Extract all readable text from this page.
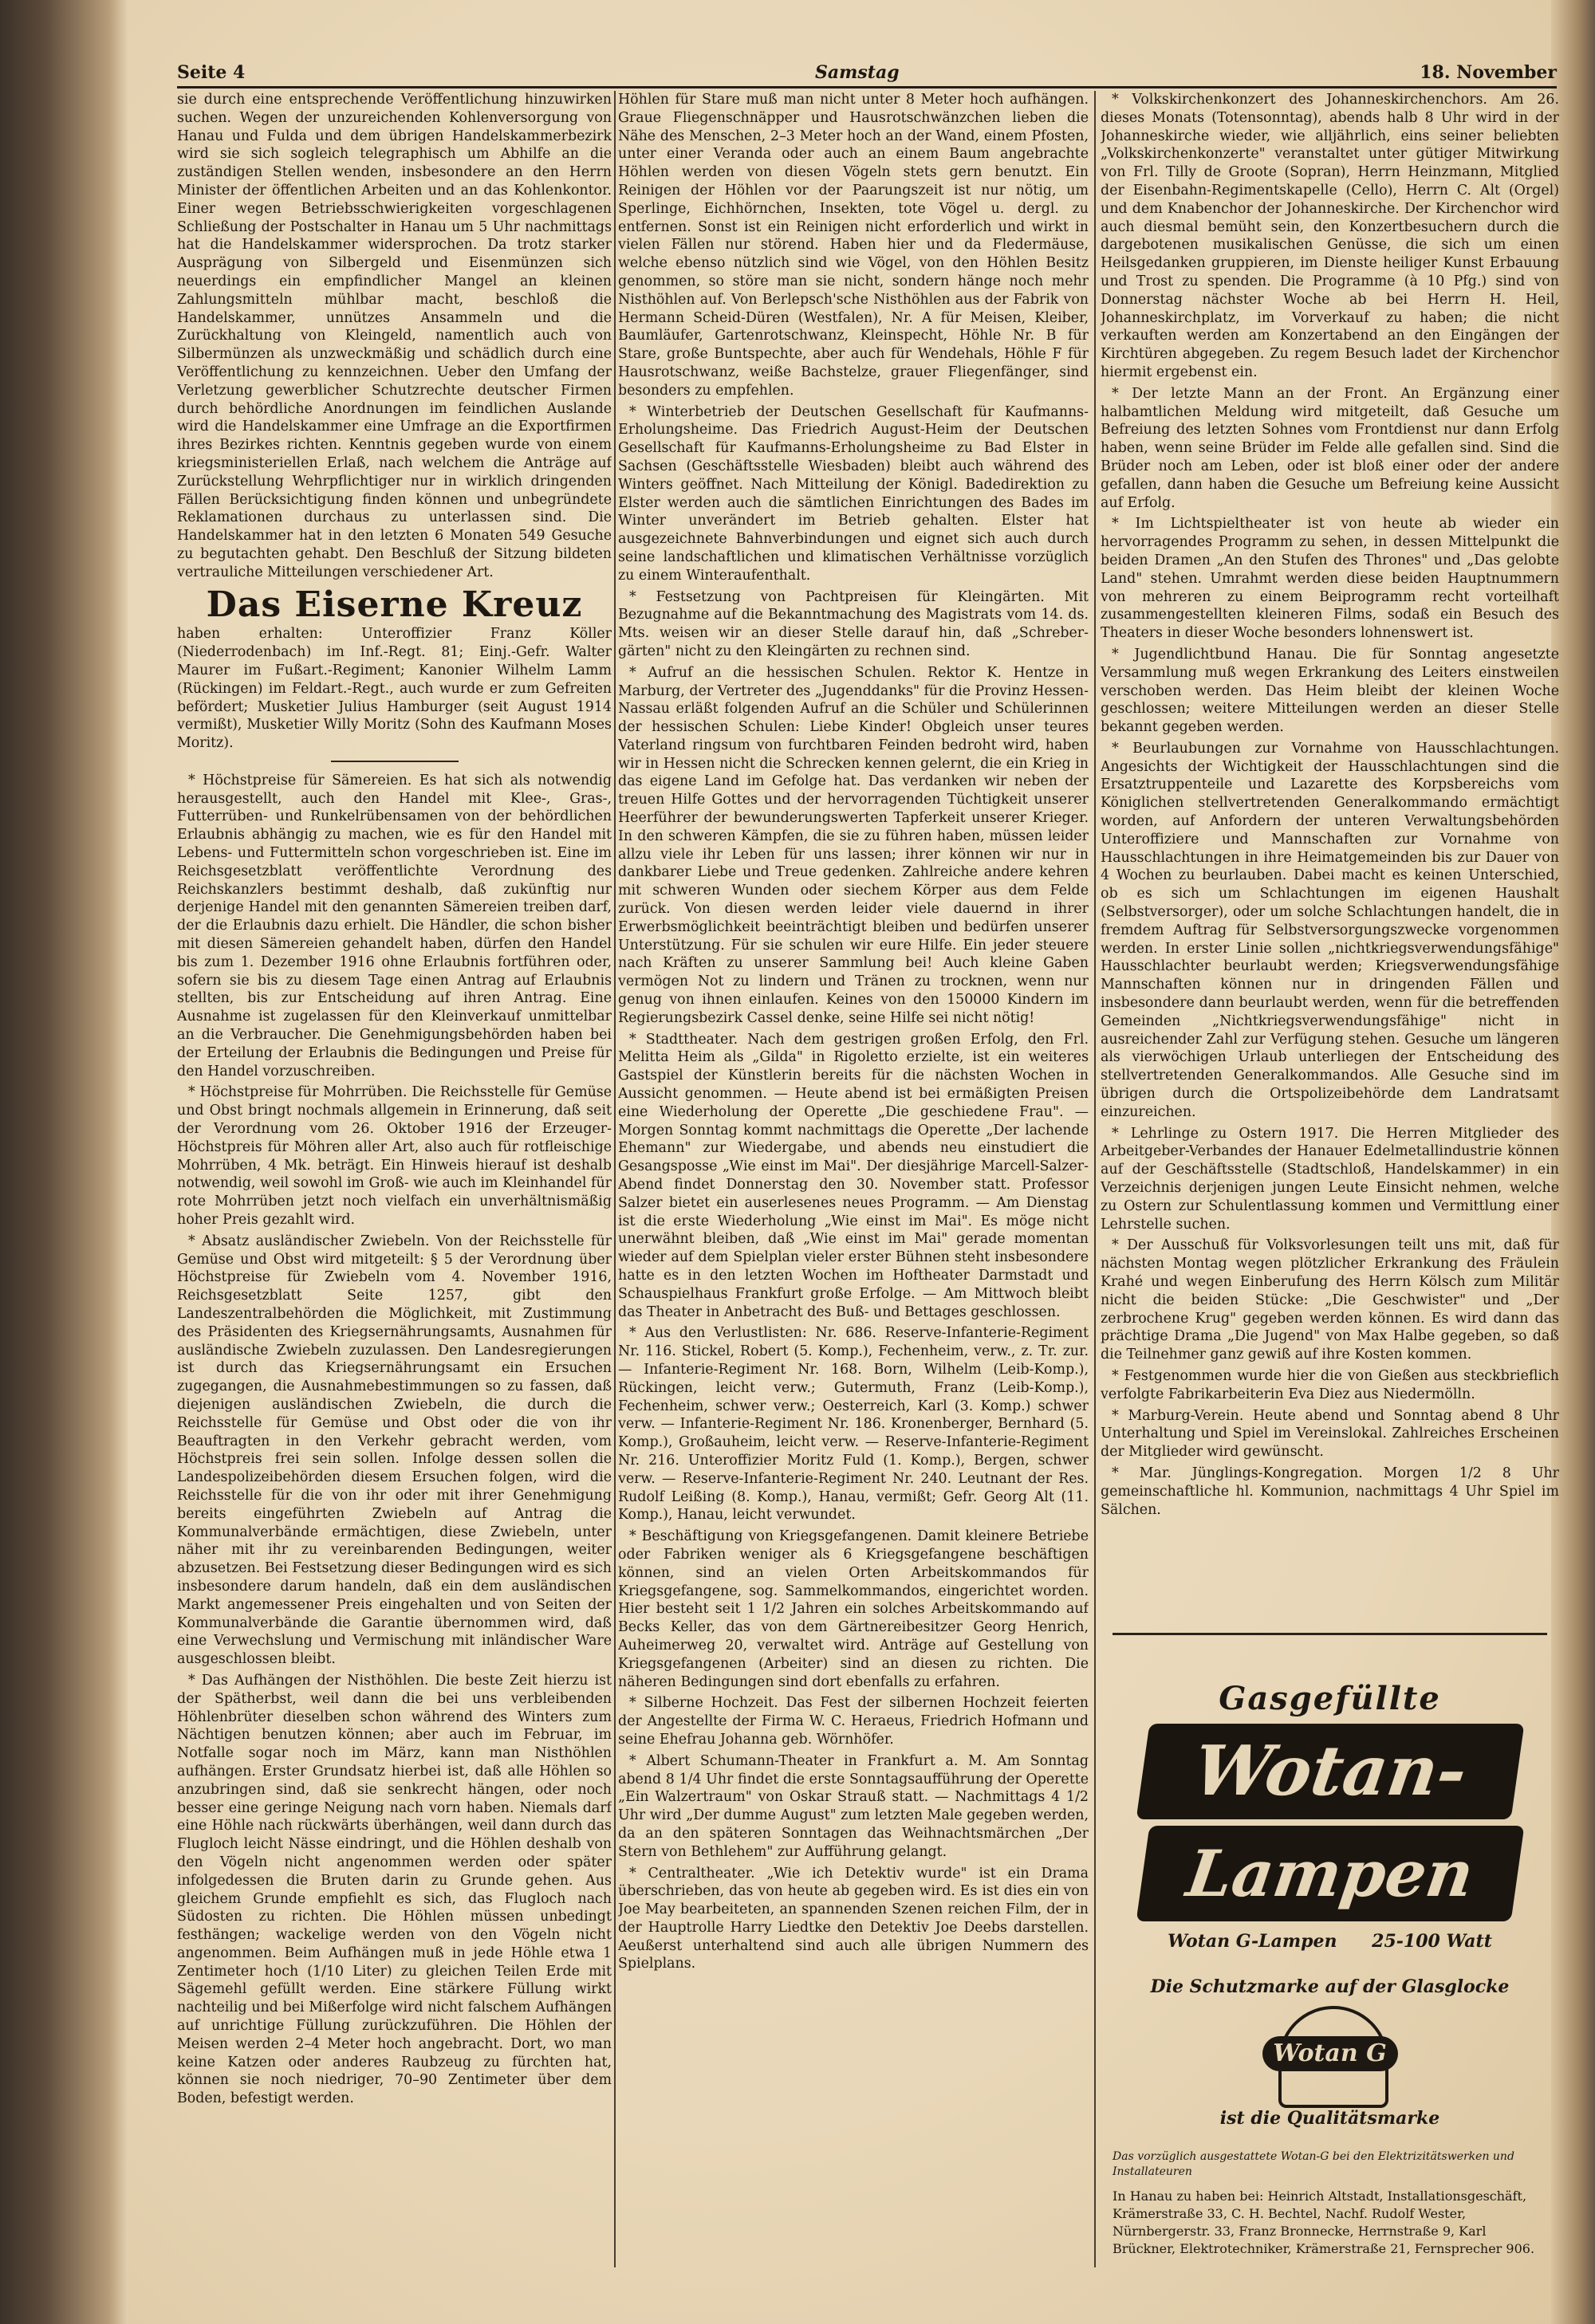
Seite 4	Samstag	18. November

sie durch eine entsprechende Veröffentlichung hinzuwirken suchen. Wegen der unzureichenden Kohlenversorgung von Hanau und Fulda und dem übrigen Handelskammerbezirk wird sie sich sogleich telegraphisch um Abhilfe an die zuständigen Stellen wenden, insbesondere an den Herrn Minister der öffentlichen Arbeiten und an das Kohlenkontor. Einer wegen Betriebsschwierigkeiten vorgeschlagenen Schließung der Postschalter in Hanau um 5 Uhr nachmittags hat die Handelskammer widersprochen. Da trotz starker Ausprägung von Silbergeld und Eisenmünzen sich neuerdings ein empfindlicher Mangel an kleinen Zahlungsmitteln mühlbar macht, beschloß die Handelskammer, unnützes Ansammeln und die Zurückhaltung von Kleingeld, namentlich auch von Silbermünzen als unzweckmäßig und schädlich durch eine Veröffentlichung zu kennzeichnen. Ueber den Umfang der Verletzung gewerblicher Schutzrechte deutscher Firmen durch behördliche Anordnungen im feindlichen Auslande wird die Handelskammer eine Umfrage an die Exportfirmen ihres Bezirkes richten. Kenntnis gegeben wurde von einem kriegsministeriellen Erlaß, nach welchem die Anträge auf Zurückstellung Wehrpflichtiger nur in wirklich dringenden Fällen Berücksichtigung finden können und unbegründete Reklamationen durchaus zu unterlassen sind. Die Handelskammer hat in den letzten 6 Monaten 549 Gesuche zu begutachten gehabt. Den Beschluß der Sitzung bildeten vertrauliche Mitteilungen verschiedener Art.

Das Eiserne Kreuz

haben erhalten: Unteroffizier Franz Köller (Niederrodenbach) im Inf.-Regt. 81; Einj.-Gefr. Walter Maurer im Fußart.-Regiment; Kanonier Wilhelm Lamm (Rückingen) im Feldart.-Regt., auch wurde er zum Gefreiten befördert; Musketier Julius Hamburger (seit August 1914 vermißt), Musketier Willy Moritz (Sohn des Kaufmann Moses Moritz).

* Höchstpreise für Sämereien. Es hat sich als notwendig herausgestellt, auch den Handel mit Klee-, Gras-, Futterrüben- und Runkelrübensamen von der behördlichen Erlaubnis abhängig zu machen, wie es für den Handel mit Lebens- und Futtermitteln schon vorgeschrieben ist. Eine im Reichsgesetzblatt veröffentlichte Verordnung des Reichskanzlers bestimmt deshalb, daß zukünftig nur derjenige Handel mit den genannten Sämereien treiben darf, der die Erlaubnis dazu erhielt. Die Händler, die schon bisher mit diesen Sämereien gehandelt haben, dürfen den Handel bis zum 1. Dezember 1916 ohne Erlaubnis fortführen oder, sofern sie bis zu diesem Tage einen Antrag auf Erlaubnis stellten, bis zur Entscheidung auf ihren Antrag. Eine Ausnahme ist zugelassen für den Kleinverkauf unmittelbar an die Verbraucher. Die Genehmigungsbehörden haben bei der Erteilung der Erlaubnis die Bedingungen und Preise für den Handel vorzuschreiben.

* Höchstpreise für Mohrrüben. Die Reichsstelle für Gemüse und Obst bringt nochmals allgemein in Erinnerung, daß seit der Verordnung vom 26. Oktober 1916 der Erzeuger-Höchstpreis für Möhren aller Art, also auch für rotfleischige Mohrrüben, 4 Mk. beträgt. Ein Hinweis hierauf ist deshalb notwendig, weil sowohl im Groß- wie auch im Kleinhandel für rote Mohrrüben jetzt noch vielfach ein unverhältnismäßig hoher Preis gezahlt wird.

* Absatz ausländischer Zwiebeln. Von der Reichsstelle für Gemüse und Obst wird mitgeteilt: § 5 der Verordnung über Höchstpreise für Zwiebeln vom 4. November 1916, Reichsgesetzblatt Seite 1257, gibt den Landeszentralbehörden die Möglichkeit, mit Zustimmung des Präsidenten des Kriegsernährungsamts, Ausnahmen für ausländische Zwiebeln zuzulassen. Den Landesregierungen ist durch das Kriegsernährungsamt ein Ersuchen zugegangen, die Ausnahmebestimmungen so zu fassen, daß diejenigen ausländischen Zwiebeln, die durch die Reichsstelle für Gemüse und Obst oder die von ihr Beauftragten in den Verkehr gebracht werden, vom Höchstpreis frei sein sollen. Infolge dessen sollen die Landespolizeibehörden diesem Ersuchen folgen, wird die Reichsstelle für die von ihr oder mit ihrer Genehmigung bereits eingeführten Zwiebeln auf Antrag die Kommunalverbände ermächtigen, diese Zwiebeln, unter näher mit ihr zu vereinbarenden Bedingungen, weiter abzusetzen. Bei Festsetzung dieser Bedingungen wird es sich insbesondere darum handeln, daß ein dem ausländischen Markt angemessener Preis eingehalten und von Seiten der Kommunalverbände die Garantie übernommen wird, daß eine Verwechslung und Vermischung mit inländischer Ware ausgeschlossen bleibt.

* Das Aufhängen der Nisthöhlen. Die beste Zeit hierzu ist der Spätherbst, weil dann die bei uns verbleibenden Höhlenbrüter dieselben schon während des Winters zum Nächtigen benutzen können; aber auch im Februar, im Notfalle sogar noch im März, kann man Nisthöhlen aufhängen. Erster Grundsatz hierbei ist, daß alle Höhlen so anzubringen sind, daß sie senkrecht hängen, oder noch besser eine geringe Neigung nach vorn haben. Niemals darf eine Höhle nach rückwärts überhängen, weil dann durch das Flugloch leicht Nässe eindringt, und die Höhlen deshalb von den Vögeln nicht angenommen werden oder später infolgedessen die Bruten darin zu Grunde gehen. Aus gleichem Grunde empfiehlt es sich, das Flugloch nach Südosten zu richten. Die Höhlen müssen unbedingt festhängen; wackelige werden von den Vögeln nicht angenommen. Beim Aufhängen muß in jede Höhle etwa 1 Zentimeter hoch (1/10 Liter) zu gleichen Teilen Erde mit Sägemehl gefüllt werden. Eine stärkere Füllung wirkt nachteilig und bei Mißerfolge wird nicht falschem Aufhängen auf unrichtige Füllung zurückzuführen. Die Höhlen der Meisen werden 2–4 Meter hoch angebracht. Dort, wo man keine Katzen oder anderes Raubzeug zu fürchten hat, können sie noch niedriger, 70–90 Zentimeter über dem Boden, befestigt werden.

Höhlen für Stare muß man nicht unter 8 Meter hoch aufhängen. Graue Fliegenschnäpper und Hausrotschwänzchen lieben die Nähe des Menschen, 2–3 Meter hoch an der Wand, einem Pfosten, unter einer Veranda oder auch an einem Baum angebrachte Höhlen werden von diesen Vögeln stets gern benutzt. Ein Reinigen der Höhlen vor der Paarungszeit ist nur nötig, um Sperlinge, Eichhörnchen, Insekten, tote Vögel u. dergl. zu entfernen. Sonst ist ein Reinigen nicht erforderlich und wirkt in vielen Fällen nur störend. Haben hier und da Fledermäuse, welche ebenso nützlich sind wie Vögel, von den Höhlen Besitz genommen, so störe man sie nicht, sondern hänge noch mehr Nisthöhlen auf. Von Berlepsch'sche Nisthöhlen aus der Fabrik von Hermann Scheid-Düren (Westfalen), Nr. A für Meisen, Kleiber, Baumläufer, Gartenrotschwanz, Kleinspecht, Höhle Nr. B für Stare, große Buntspechte, aber auch für Wendehals, Höhle F für Hausrotschwanz, weiße Bachstelze, grauer Fliegenfänger, sind besonders zu empfehlen.

* Winterbetrieb der Deutschen Gesellschaft für Kaufmanns-Erholungsheime. Das Friedrich August-Heim der Deutschen Gesellschaft für Kaufmanns-Erholungsheime zu Bad Elster in Sachsen (Geschäftsstelle Wiesbaden) bleibt auch während des Winters geöffnet. Nach Mitteilung der Königl. Badedirektion zu Elster werden auch die sämtlichen Einrichtungen des Bades im Winter unverändert im Betrieb gehalten. Elster hat ausgezeichnete Bahnverbindungen und eignet sich auch durch seine landschaftlichen und klimatischen Verhältnisse vorzüglich zu einem Winteraufenthalt.

* Festsetzung von Pachtpreisen für Kleingärten. Mit Bezugnahme auf die Bekanntmachung des Magistrats vom 14. ds. Mts. weisen wir an dieser Stelle darauf hin, daß „Schreber-gärten" nicht zu den Kleingärten zu rechnen sind.

* Aufruf an die hessischen Schulen. Rektor K. Hentze in Marburg, der Vertreter des „Jugenddanks" für die Provinz Hessen-Nassau erläßt folgenden Aufruf an die Schüler und Schülerinnen der hessischen Schulen: Liebe Kinder! Obgleich unser teures Vaterland ringsum von furchtbaren Feinden bedroht wird, haben wir in Hessen nicht die Schrecken kennen gelernt, die ein Krieg in das eigene Land im Gefolge hat. Das verdanken wir neben der treuen Hilfe Gottes und der hervorragenden Tüchtigkeit unserer Heerführer der bewunderungswerten Tapferkeit unserer Krieger. In den schweren Kämpfen, die sie zu führen haben, müssen leider allzu viele ihr Leben für uns lassen; ihrer können wir nur in dankbarer Liebe und Treue gedenken. Zahlreiche andere kehren mit schweren Wunden oder siechem Körper aus dem Felde zurück. Von diesen werden leider viele dauernd in ihrer Erwerbsmöglichkeit beeinträchtigt bleiben und bedürfen unserer Unterstützung. Für sie schulen wir eure Hilfe. Ein jeder steuere nach Kräften zu unserer Sammlung bei! Auch kleine Gaben vermögen Not zu lindern und Tränen zu trocknen, wenn nur genug von ihnen einlaufen. Keines von den 150000 Kindern im Regierungsbezirk Cassel denke, seine Hilfe sei nicht nötig!

* Stadttheater. Nach dem gestrigen großen Erfolg, den Frl. Melitta Heim als „Gilda" in Rigoletto erzielte, ist ein weiteres Gastspiel der Künstlerin bereits für die nächsten Wochen in Aussicht genommen. — Heute abend ist bei ermäßigten Preisen eine Wiederholung der Operette „Die geschiedene Frau". — Morgen Sonntag kommt nachmittags die Operette „Der lachende Ehemann" zur Wiedergabe, und abends neu einstudiert die Gesangsposse „Wie einst im Mai". Der diesjährige Marcell-Salzer-Abend findet Donnerstag den 30. November statt. Professor Salzer bietet ein auserlesenes neues Programm. — Am Dienstag ist die erste Wiederholung „Wie einst im Mai". Es möge nicht unerwähnt bleiben, daß „Wie einst im Mai" gerade momentan wieder auf dem Spielplan vieler erster Bühnen steht insbesondere hatte es in den letzten Wochen im Hoftheater Darmstadt und Schauspielhaus Frankfurt große Erfolge. — Am Mittwoch bleibt das Theater in Anbetracht des Buß- und Bettages geschlossen.

* Aus den Verlustlisten: Nr. 686. Reserve-Infanterie-Regiment Nr. 116. Stickel, Robert (5. Komp.), Fechenheim, verw., z. Tr. zur. — Infanterie-Regiment Nr. 168. Born, Wilhelm (Leib-Komp.), Rückingen, leicht verw.; Gutermuth, Franz (Leib-Komp.), Fechenheim, schwer verw.; Oesterreich, Karl (3. Komp.) schwer verw. — Infanterie-Regiment Nr. 186. Kronenberger, Bernhard (5. Komp.), Großauheim, leicht verw. — Reserve-Infanterie-Regiment Nr. 216. Unteroffizier Moritz Fuld (1. Komp.), Bergen, schwer verw. — Reserve-Infanterie-Regiment Nr. 240. Leutnant der Res. Rudolf Leißing (8. Komp.), Hanau, vermißt; Gefr. Georg Alt (11. Komp.), Hanau, leicht verwundet.

* Beschäftigung von Kriegsgefangenen. Damit kleinere Betriebe oder Fabriken weniger als 6 Kriegsgefangene beschäftigen können, sind an vielen Orten Arbeitskommandos für Kriegsgefangene, sog. Sammelkommandos, eingerichtet worden. Hier besteht seit 1 1/2 Jahren ein solches Arbeitskommando auf Becks Keller, das von dem Gärtnereibesitzer Georg Henrich, Auheimerweg 20, verwaltet wird. Anträge auf Gestellung von Kriegsgefangenen (Arbeiter) sind an diesen zu richten. Die näheren Bedingungen sind dort ebenfalls zu erfahren.

* Silberne Hochzeit. Das Fest der silbernen Hochzeit feierten der Angestellte der Firma W. C. Heraeus, Friedrich Hofmann und seine Ehefrau Johanna geb. Wörnhöfer.

* Albert Schumann-Theater in Frankfurt a. M. Am Sonntag abend 8 1/4 Uhr findet die erste Sonntagsaufführung der Operette „Ein Walzertraum" von Oskar Strauß statt. — Nachmittags 4 1/2 Uhr wird „Der dumme August" zum letzten Male gegeben werden, da an den späteren Sonntagen das Weihnachtsmärchen „Der Stern von Bethlehem" zur Aufführung gelangt.

* Centraltheater. „Wie ich Detektiv wurde" ist ein Drama überschrieben, das von heute ab gegeben wird. Es ist dies ein von Joe May bearbeiteten, an spannenden Szenen reichen Film, der in der Hauptrolle Harry Liedtke den Detektiv Joe Deebs darstellen. Aeußerst unterhaltend sind auch alle übrigen Nummern des Spielplans.

* Volkskirchenkonzert des Johanneskirchenchors. Am 26. dieses Monats (Totensonntag), abends halb 8 Uhr wird in der Johanneskirche wieder, wie alljährlich, eins seiner beliebten „Volkskirchenkonzerte" veranstaltet unter gütiger Mitwirkung von Frl. Tilly de Groote (Sopran), Herrn Heinzmann, Mitglied der Eisenbahn-Regimentskapelle (Cello), Herrn C. Alt (Orgel) und dem Knabenchor der Johanneskirche. Der Kirchenchor wird auch diesmal bemüht sein, den Konzertbesuchern durch die dargebotenen musikalischen Genüsse, die sich um einen Heilsgedanken gruppieren, im Dienste heiliger Kunst Erbauung und Trost zu spenden. Die Programme (à 10 Pfg.) sind von Donnerstag nächster Woche ab bei Herrn H. Heil, Johanneskirchplatz, im Vorverkauf zu haben; die nicht verkauften werden am Konzertabend an den Eingängen der Kirchtüren abgegeben. Zu regem Besuch ladet der Kirchenchor hiermit ergebenst ein.

* Der letzte Mann an der Front. An Ergänzung einer halbamtlichen Meldung wird mitgeteilt, daß Gesuche um Befreiung des letzten Sohnes vom Frontdienst nur dann Erfolg haben, wenn seine Brüder im Felde alle gefallen sind. Sind die Brüder noch am Leben, oder ist bloß einer oder der andere gefallen, dann haben die Gesuche um Befreiung keine Aussicht auf Erfolg.

* Im Lichtspieltheater ist von heute ab wieder ein hervorragendes Programm zu sehen, in dessen Mittelpunkt die beiden Dramen „An den Stufen des Thrones" und „Das gelobte Land" stehen. Umrahmt werden diese beiden Hauptnummern von mehreren zu einem Beiprogramm recht vorteilhaft zusammengestellten kleineren Films, sodaß ein Besuch des Theaters in dieser Woche besonders lohnenswert ist.

* Jugendlichtbund Hanau. Die für Sonntag angesetzte Versammlung muß wegen Erkrankung des Leiters einstweilen verschoben werden. Das Heim bleibt der kleinen Woche geschlossen; weitere Mitteilungen werden an dieser Stelle bekannt gegeben werden.

* Beurlaubungen zur Vornahme von Hausschlachtungen. Angesichts der Wichtigkeit der Hausschlachtungen sind die Ersatztruppenteile und Lazarette des Korpsbereichs vom Königlichen stellvertretenden Generalkommando ermächtigt worden, auf Anfordern der unteren Verwaltungsbehörden Unteroffiziere und Mannschaften zur Vornahme von Hausschlachtungen in ihre Heimatgemeinden bis zur Dauer von 4 Wochen zu beurlauben. Dabei macht es keinen Unterschied, ob es sich um Schlachtungen im eigenen Haushalt (Selbstversorger), oder um solche Schlachtungen handelt, die in fremdem Auftrag für Selbstversorgungszwecke vorgenommen werden. In erster Linie sollen „nichtkriegsverwendungsfähige" Hausschlachter beurlaubt werden; Kriegsverwendungsfähige Mannschaften können nur in dringenden Fällen und insbesondere dann beurlaubt werden, wenn für die betreffenden Gemeinden „Nichtkriegsverwendungsfähige" nicht in ausreichender Zahl zur Verfügung stehen. Gesuche um längeren als vierwöchigen Urlaub unterliegen der Entscheidung des stellvertretenden Generalkommandos. Alle Gesuche sind im übrigen durch die Ortspolizeibehörde dem Landratsamt einzureichen.

* Lehrlinge zu Ostern 1917. Die Herren Mitglieder des Arbeitgeber-Verbandes der Hanauer Edelmetallindustrie können auf der Geschäftsstelle (Stadtschloß, Handelskammer) in ein Verzeichnis derjenigen jungen Leute Einsicht nehmen, welche zu Ostern zur Schulentlassung kommen und Vermittlung einer Lehrstelle suchen.

* Der Ausschuß für Volksvorlesungen teilt uns mit, daß für nächsten Montag wegen plötzlicher Erkrankung des Fräulein Krahé und wegen Einberufung des Herrn Kölsch zum Militär nicht die beiden Stücke: „Die Geschwister" und „Der zerbrochene Krug" gegeben werden können. Es wird dann das prächtige Drama „Die Jugend" von Max Halbe gegeben, so daß die Teilnehmer ganz gewiß auf ihre Kosten kommen.

* Festgenommen wurde hier die von Gießen aus steckbrieflich verfolgte Fabrikarbeiterin Eva Diez aus Niedermölln.

* Marburg-Verein. Heute abend und Sonntag abend 8 Uhr Unterhaltung und Spiel im Vereinslokal. Zahlreiches Erscheinen der Mitglieder wird gewünscht.

* Mar. Jünglings-Kongregation. Morgen 1/2 8 Uhr gemeinschaftliche hl. Kommunion, nachmittags 4 Uhr Spiel im Sälchen.

Gasgefüllte
Wotan-
Lampen
Wotan G-Lampen 25-100 Watt
Die Schutzmarke auf der Glasglocke
Wotan G
ist die Qualitätsmarke
Das vorzüglich ausgestattete Wotan-G bei den Elektrizitätswerken und Installateuren
In Hanau zu haben bei: Heinrich Altstadt, Installationsgeschäft, Krämerstraße 33, C. H. Bechtel, Nachf. Rudolf Wester, Nürnbergerstr. 33, Franz Bronnecke, Herrnstraße 9, Karl Brückner, Elektrotechniker, Krämerstraße 21, Fernsprecher 906.
